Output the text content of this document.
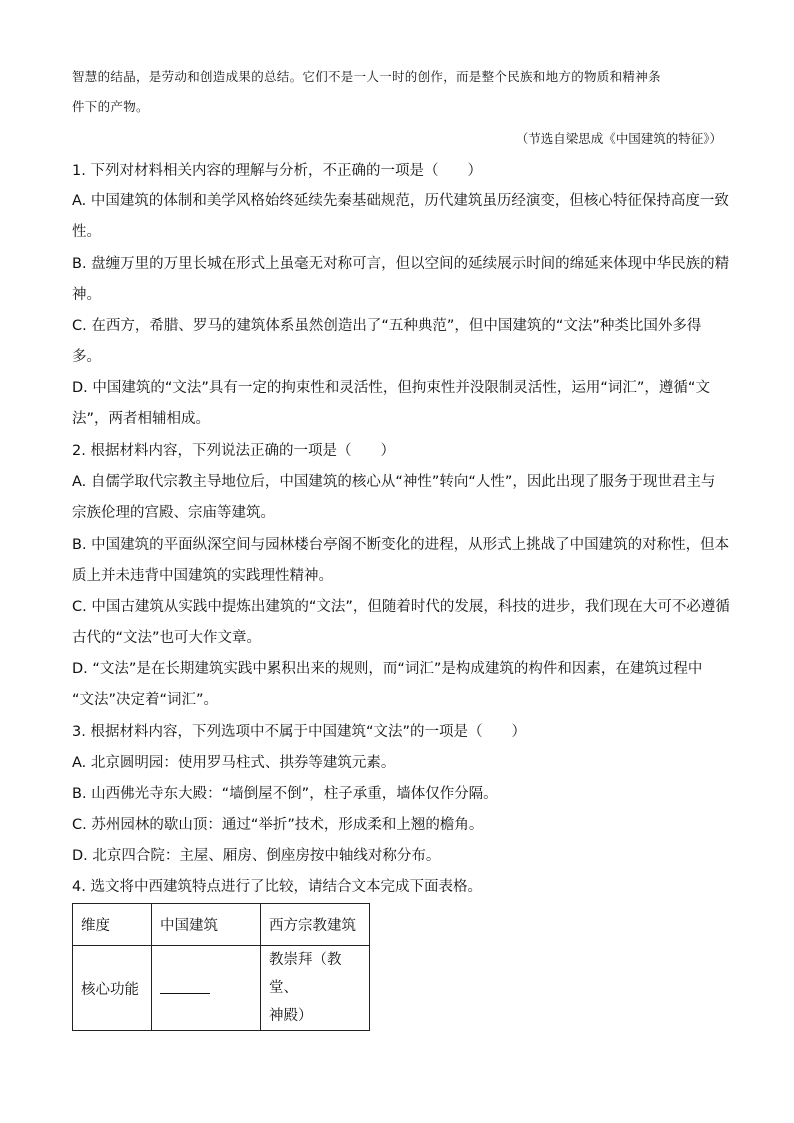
智慧的结晶，是劳动和创造成果的总结。它们不是一人一时的创作，而是整个民族和地方的物质和精神条
件下的产物。
（节选自梁思成《中国建筑的特征》）
1. 下列对材料相关内容的理解与分析，不正确的一项是（　　）
A. 中国建筑的体制和美学风格始终延续先秦基础规范，历代建筑虽历经演变，但核心特征保持高度一致
性。
B. 盘缠万里的万里长城在形式上虽毫无对称可言，但以空间的延续展示时间的绵延来体现中华民族的精
神。
C. 在西方，希腊、罗马的建筑体系虽然创造出了“五种典范”，但中国建筑的“文法”种类比国外多得
多。
D. 中国建筑的“文法”具有一定的拘束性和灵活性，但拘束性并没限制灵活性，运用“词汇”，遵循“文
法”，两者相辅相成。
2. 根据材料内容，下列说法正确的一项是（　　）
A. 自儒学取代宗教主导地位后，中国建筑的核心从“神性”转向“人性”，因此出现了服务于现世君主与
宗族伦理的宫殿、宗庙等建筑。
B. 中国建筑的平面纵深空间与园林楼台亭阁不断变化的进程，从形式上挑战了中国建筑的对称性，但本
质上并未违背中国建筑的实践理性精神。
C. 中国古建筑从实践中提炼出建筑的“文法”，但随着时代的发展，科技的进步，我们现在大可不必遵循
古代的“文法”也可大作文章。
D. “文法”是在长期建筑实践中累积出来的规则，而“词汇”是构成建筑的构件和因素，在建筑过程中
“文法”决定着“词汇”。
3. 根据材料内容，下列选项中不属于中国建筑“文法”的一项是（　　）
A. 北京圆明园：使用罗马柱式、拱券等建筑元素。
B. 山西佛光寺东大殿：“墙倒屋不倒”，柱子承重，墙体仅作分隔。
C. 苏州园林的歇山顶：通过“举折”技术，形成柔和上翘的檐角。
D. 北京四合院：主屋、厢房、倒座房按中轴线对称分布。
4. 选文将中西建筑特点进行了比较，请结合文本完成下面表格。
维度	中国建筑	西方宗教建筑
核心功能		教崇拜（教堂、
神殿）
